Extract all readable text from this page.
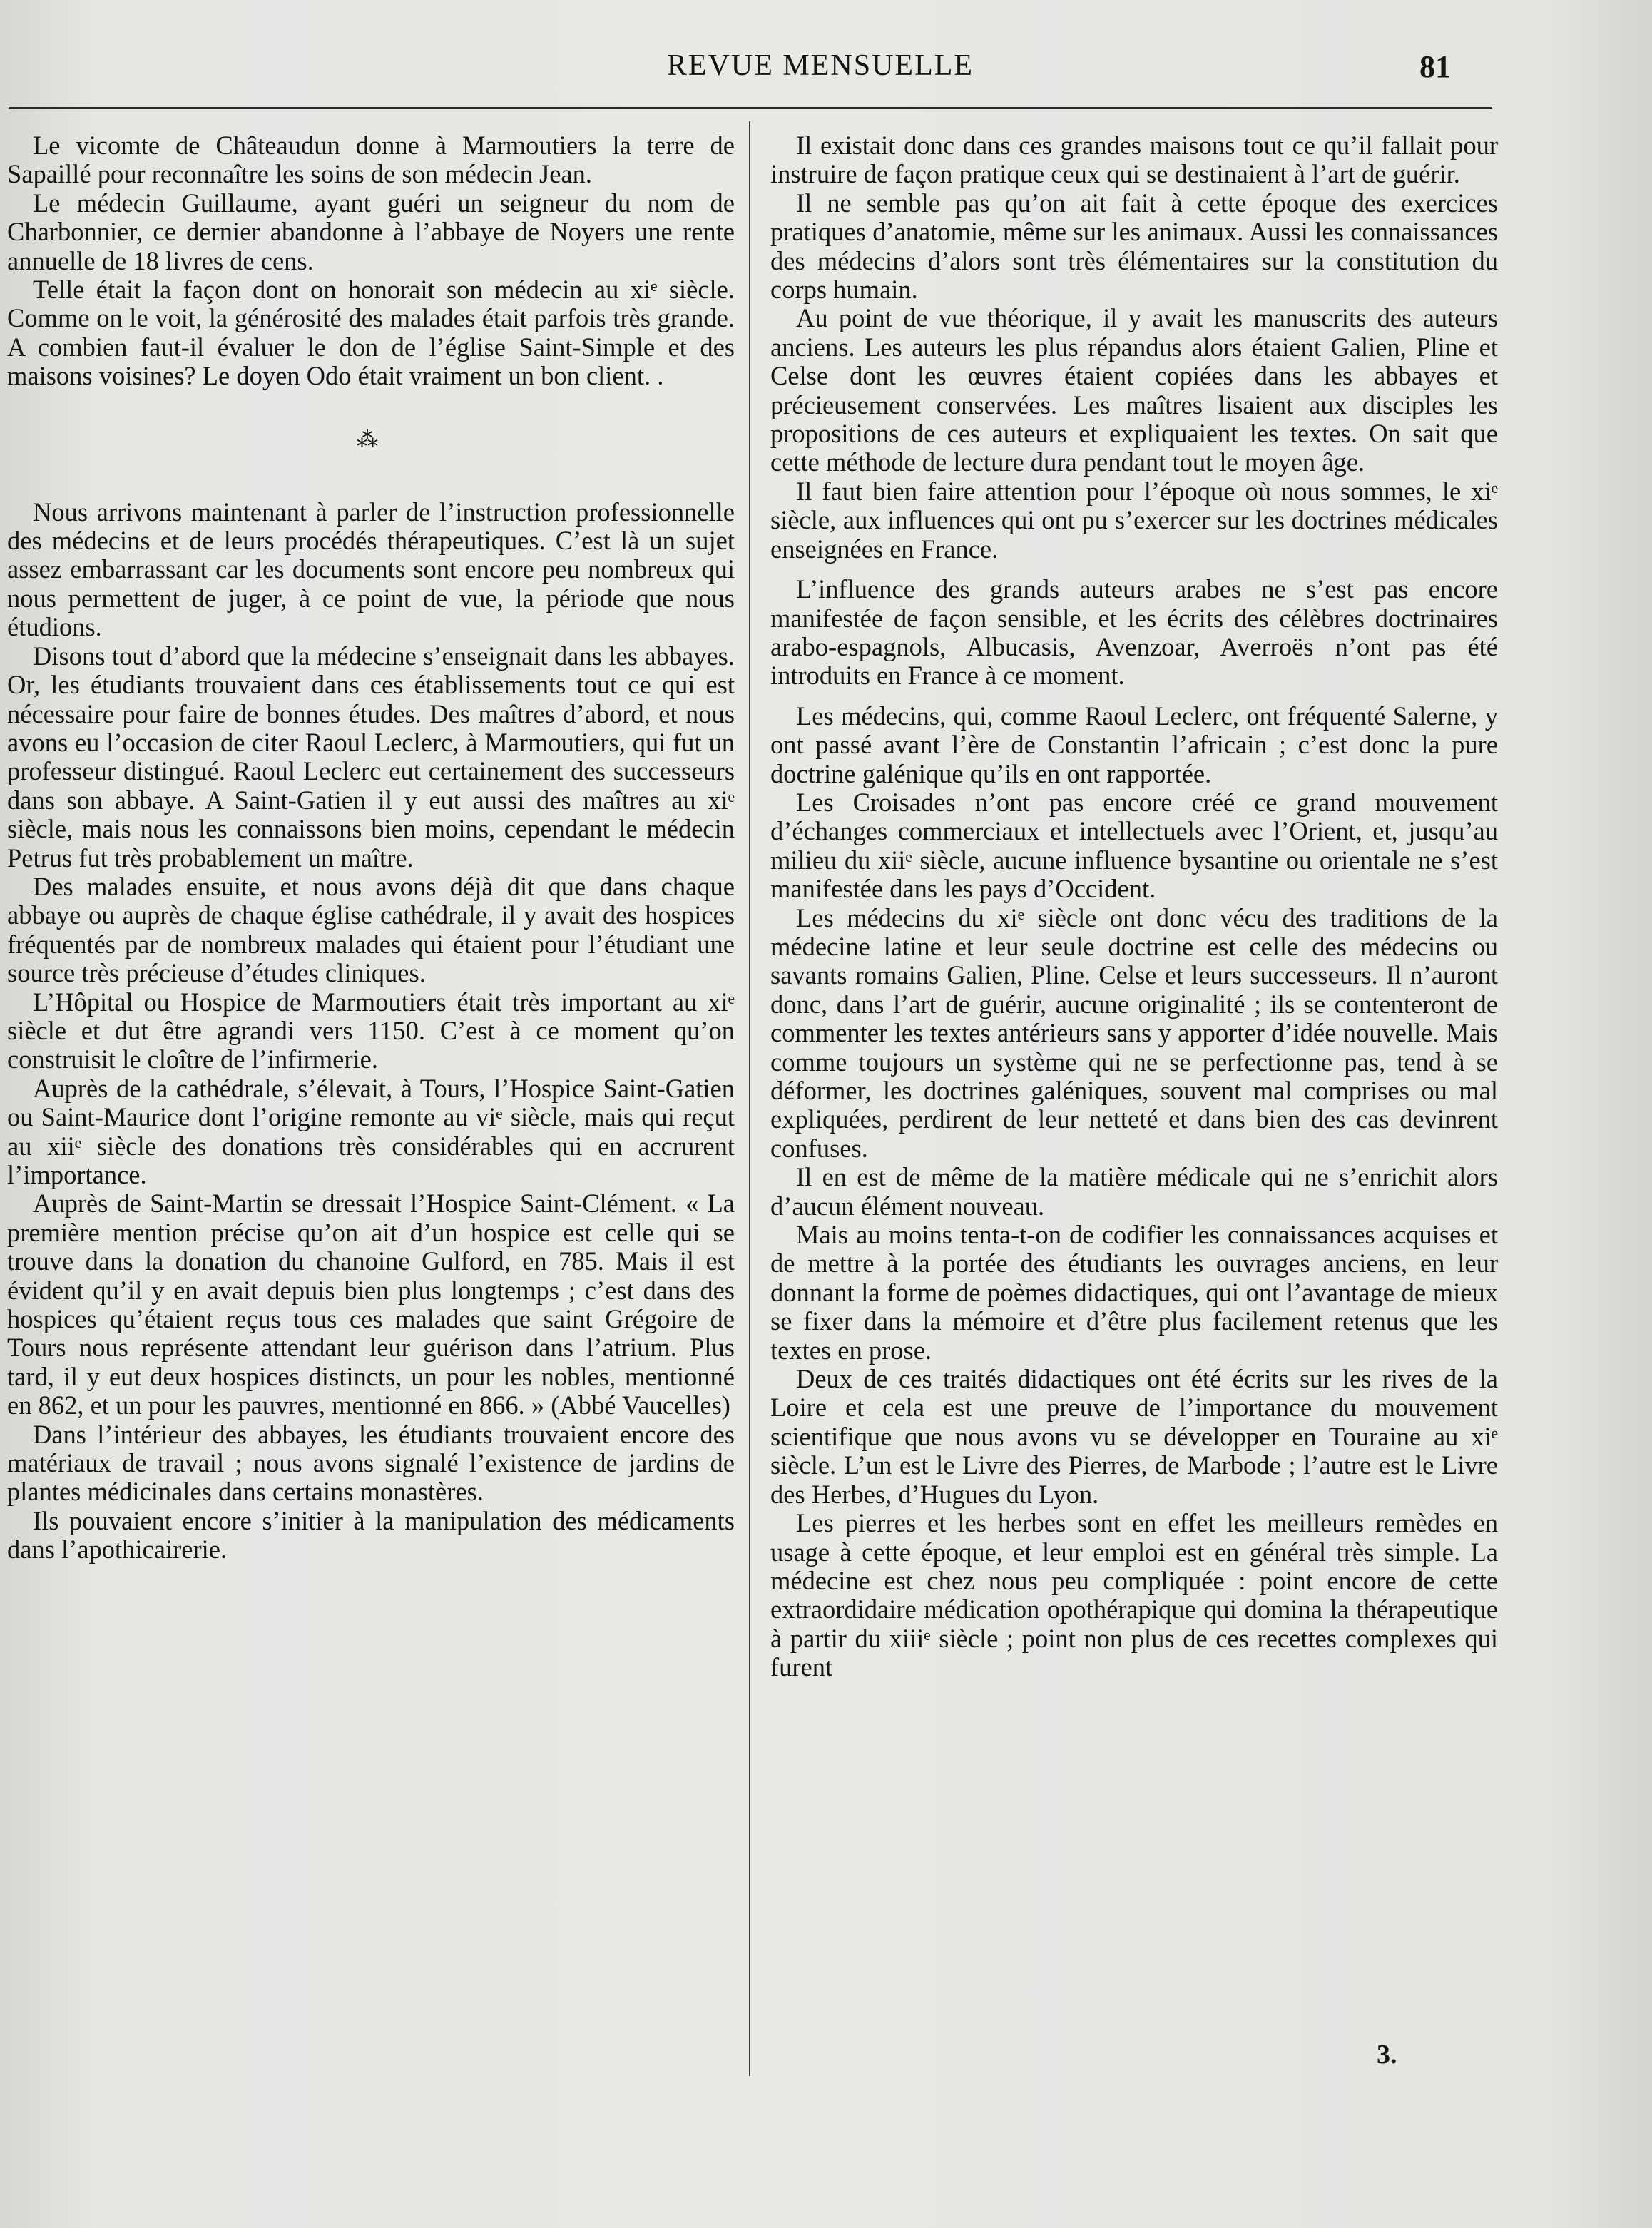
REVUE MENSUELLE	81

Le vicomte de Châteaudun donne à Marmoutiers la terre de Sapaillé pour reconnaître les soins de son médecin Jean.

Le médecin Guillaume, ayant guéri un seigneur du nom de Charbonnier, ce dernier abandonne à l’abbaye de Noyers une rente annuelle de 18 livres de cens.

Telle était la façon dont on honorait son médecin au xiᵉ siècle. Comme on le voit, la générosité des malades était parfois très grande. A combien faut-il évaluer le don de l’église Saint-Simple et des maisons voisines? Le doyen Odo était vraiment un bon client. .

⁂

Nous arrivons maintenant à parler de l’instruction professionnelle des médecins et de leurs procédés thérapeutiques. C’est là un sujet assez embarrassant car les documents sont encore peu nombreux qui nous permettent de juger, à ce point de vue, la période que nous étudions.

Disons tout d’abord que la médecine s’enseignait dans les abbayes. Or, les étudiants trouvaient dans ces établissements tout ce qui est nécessaire pour faire de bonnes études. Des maîtres d’abord, et nous avons eu l’occasion de citer Raoul Leclerc, à Marmoutiers, qui fut un professeur distingué. Raoul Leclerc eut certainement des successeurs dans son abbaye. A Saint-Gatien il y eut aussi des maîtres au xiᵉ siècle, mais nous les connaissons bien moins, cependant le médecin Petrus fut très probablement un maître.

Des malades ensuite, et nous avons déjà dit que dans chaque abbaye ou auprès de chaque église cathédrale, il y avait des hospices fréquentés par de nombreux malades qui étaient pour l’étudiant une source très précieuse d’études cliniques.

L’Hôpital ou Hospice de Marmoutiers était très important au xiᵉ siècle et dut être agrandi vers 1150. C’est à ce moment qu’on construisit le cloître de l’infirmerie.

Auprès de la cathédrale, s’élevait, à Tours, l’Hospice Saint-Gatien ou Saint-Maurice dont l’origine remonte au viᵉ siècle, mais qui reçut au xiiᵉ siècle des donations très considérables qui en accrurent l’importance.

Auprès de Saint-Martin se dressait l’Hospice Saint-Clément. « La première mention précise qu’on ait d’un hospice est celle qui se trouve dans la donation du chanoine Gulford, en 785. Mais il est évident qu’il y en avait depuis bien plus longtemps ; c’est dans des hospices qu’étaient reçus tous ces malades que saint Grégoire de Tours nous représente attendant leur guérison dans l’atrium. Plus tard, il y eut deux hospices distincts, un pour les nobles, mentionné en 862, et un pour les pauvres, mentionné en 866. » (Abbé Vaucelles)

Dans l’intérieur des abbayes, les étudiants trouvaient encore des matériaux de travail ; nous avons signalé l’existence de jardins de plantes médicinales dans certains monastères.

Ils pouvaient encore s’initier à la manipulation des médicaments dans l’apothicairerie.

Il existait donc dans ces grandes maisons tout ce qu’il fallait pour instruire de façon pratique ceux qui se destinaient à l’art de guérir.

Il ne semble pas qu’on ait fait à cette époque des exercices pratiques d’anatomie, même sur les animaux. Aussi les connaissances des médecins d’alors sont très élémentaires sur la constitution du corps humain.

Au point de vue théorique, il y avait les manuscrits des auteurs anciens. Les auteurs les plus répandus alors étaient Galien, Pline et Celse dont les œuvres étaient copiées dans les abbayes et précieusement conservées. Les maîtres lisaient aux disciples les propositions de ces auteurs et expliquaient les textes. On sait que cette méthode de lecture dura pendant tout le moyen âge.

Il faut bien faire attention pour l’époque où nous sommes, le xiᵉ siècle, aux influences qui ont pu s’exercer sur les doctrines médicales enseignées en France.

L’influence des grands auteurs arabes ne s’est pas encore manifestée de façon sensible, et les écrits des célèbres doctrinaires arabo-espagnols, Albucasis, Avenzoar, Averroës n’ont pas été introduits en France à ce moment.

Les médecins, qui, comme Raoul Leclerc, ont fréquenté Salerne, y ont passé avant l’ère de Constantin l’africain ; c’est donc la pure doctrine galénique qu’ils en ont rapportée.

Les Croisades n’ont pas encore créé ce grand mouvement d’échanges commerciaux et intellectuels avec l’Orient, et, jusqu’au milieu du xiiᵉ siècle, aucune influence bysantine ou orientale ne s’est manifestée dans les pays d’Occident.

Les médecins du xiᵉ siècle ont donc vécu des traditions de la médecine latine et leur seule doctrine est celle des médecins ou savants romains Galien, Pline. Celse et leurs successeurs. Il n’auront donc, dans l’art de guérir, aucune originalité ; ils se contenteront de commenter les textes antérieurs sans y apporter d’idée nouvelle. Mais comme toujours un système qui ne se perfectionne pas, tend à se déformer, les doctrines galéniques, souvent mal comprises ou mal expliquées, perdirent de leur netteté et dans bien des cas devinrent confuses.

Il en est de même de la matière médicale qui ne s’enrichit alors d’aucun élément nouveau.

Mais au moins tenta-t-on de codifier les connaissances acquises et de mettre à la portée des étudiants les ouvrages anciens, en leur donnant la forme de poèmes didactiques, qui ont l’avantage de mieux se fixer dans la mémoire et d’être plus facilement retenus que les textes en prose.

Deux de ces traités didactiques ont été écrits sur les rives de la Loire et cela est une preuve de l’importance du mouvement scientifique que nous avons vu se développer en Touraine au xiᵉ siècle. L’un est le Livre des Pierres, de Marbode ; l’autre est le Livre des Herbes, d’Hugues du Lyon.

Les pierres et les herbes sont en effet les meilleurs remèdes en usage à cette époque, et leur emploi est en général très simple. La médecine est chez nous peu compliquée : point encore de cette extraordidaire médication opothérapique qui domina la thérapeutique à partir du xiiiᵉ siècle ; point non plus de ces recettes complexes qui furent

3.
